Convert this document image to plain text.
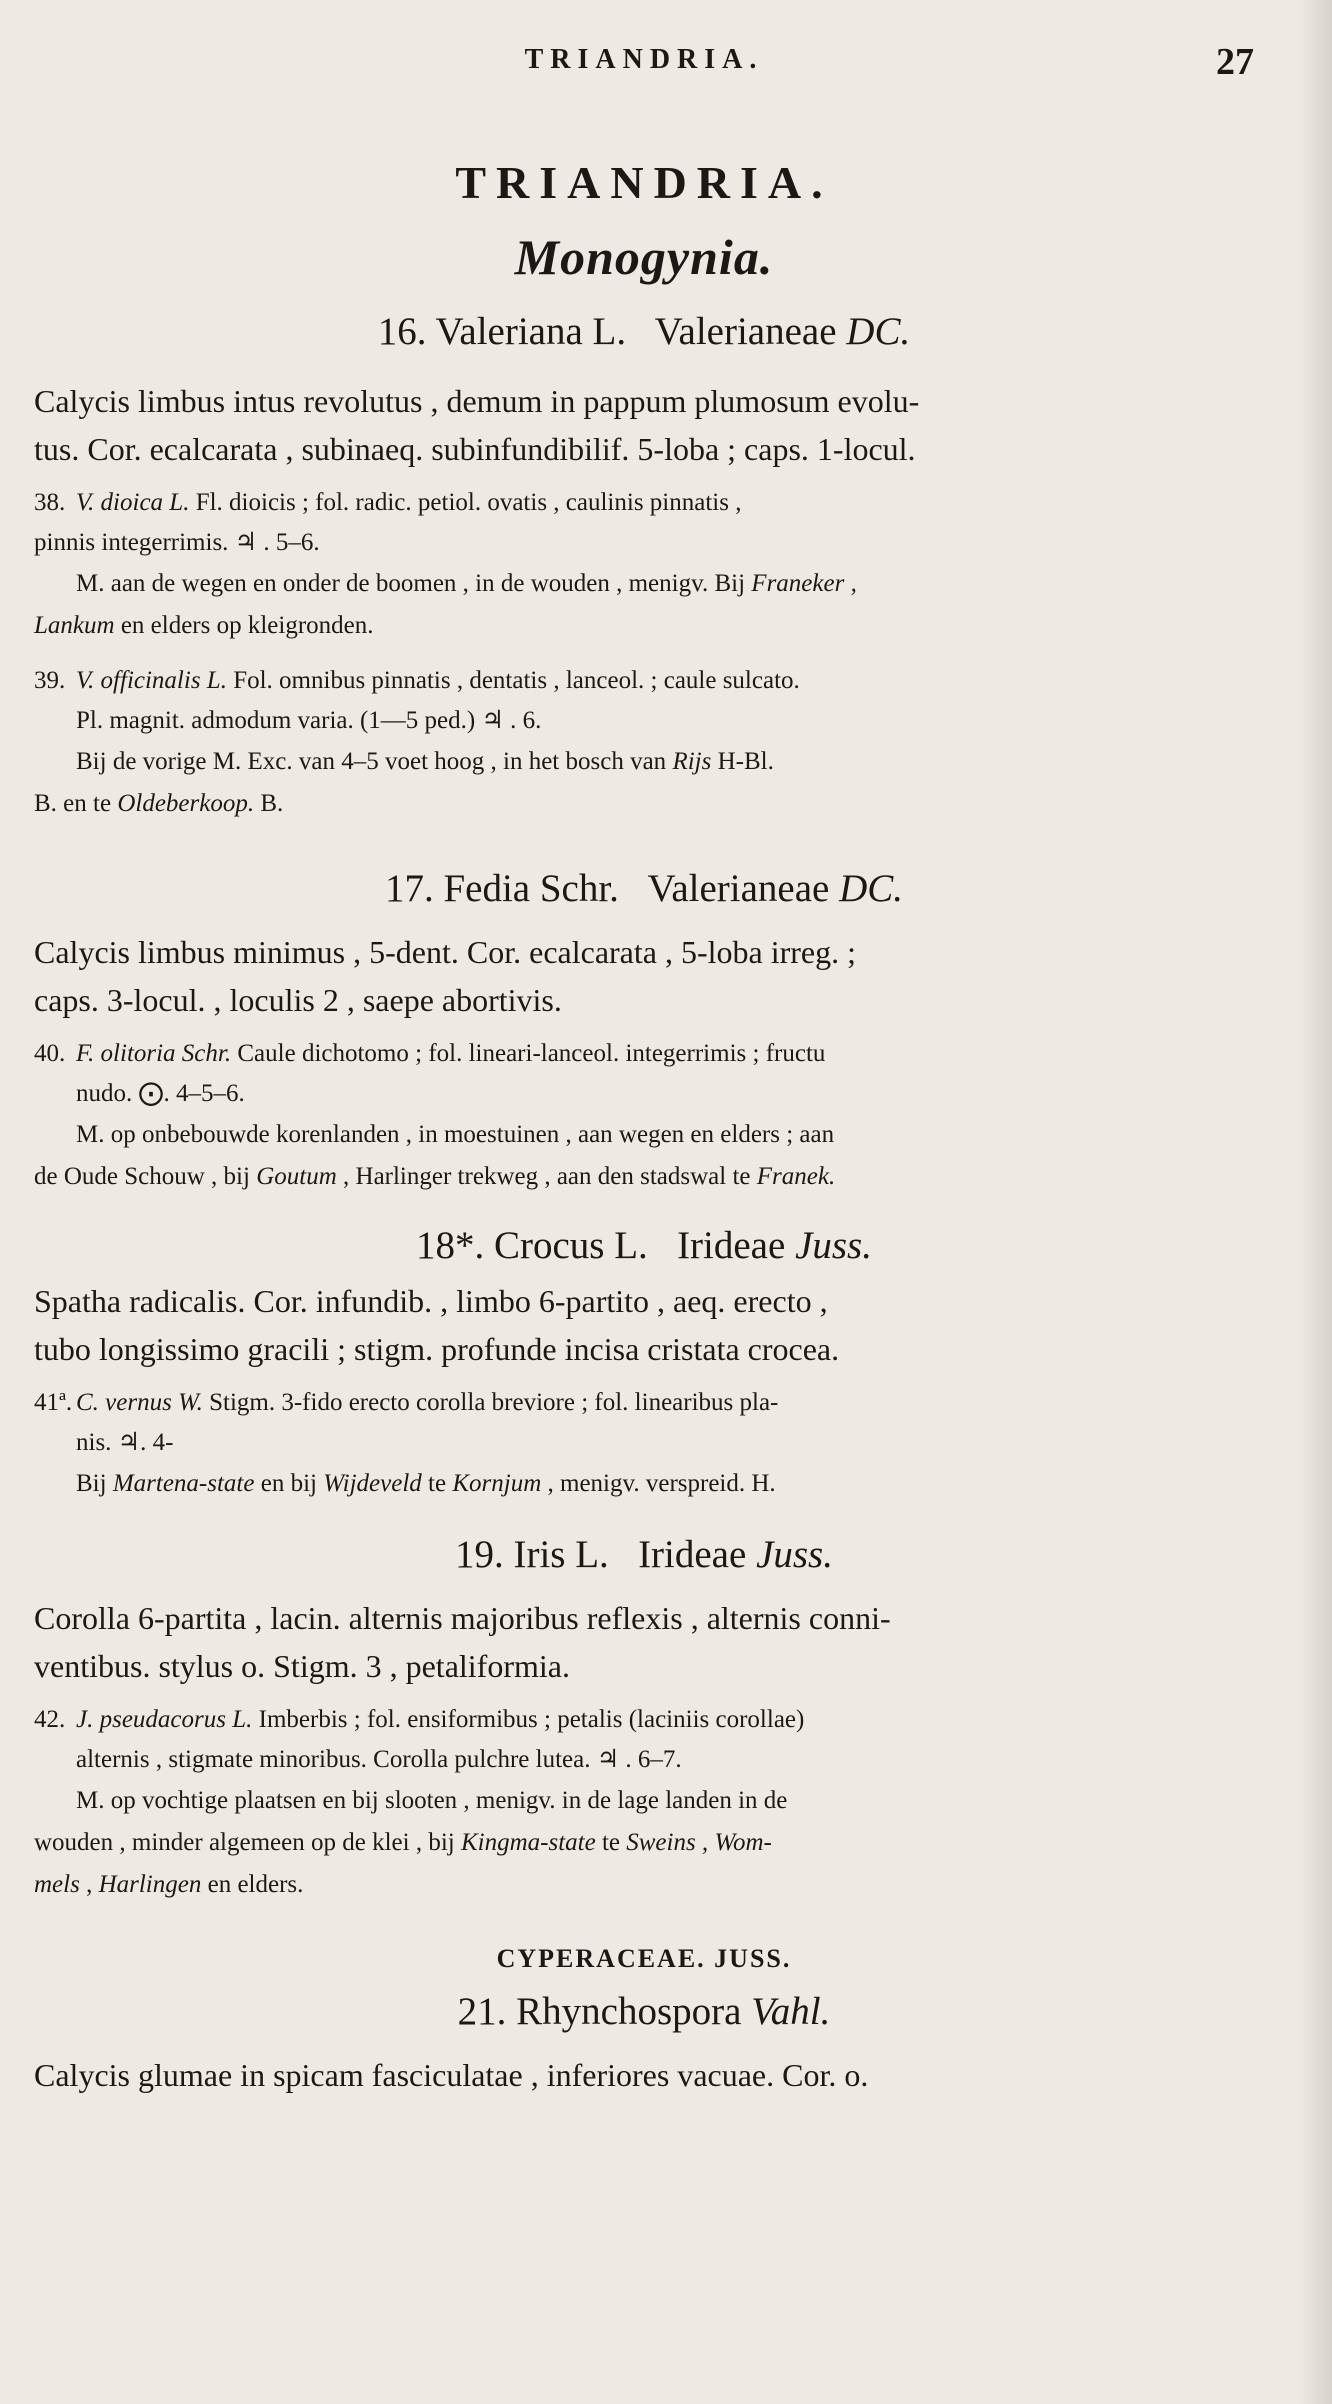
TRIANDRIA.	27
TRIANDRIA.
Monogynia.
16. Valeriana L. Valerianeae DC.
Calycis limbus intus revolutus , demum in pappum plumosum evolu-
tus. Cor. ecalcarata , subinaeq. subinfundibilif. 5-loba ; caps. 1-locul.
38. V. dioica L. Fl. dioicis ; fol. radic. petiol. ovatis , caulinis pinnatis ,
pinnis integerrimis. ♃ . 5–6.
M. aan de wegen en onder de boomen , in de wouden , menigv. Bij Franeker ,
Lankum en elders op kleigronden.
39. V. officinalis L. Fol. omnibus pinnatis , dentatis , lanceol. ; caule sulcato.
Pl. magnit. admodum varia. (1—5 ped.) ♃ . 6.
Bij de vorige M. Exc. van 4–5 voet hoog , in het bosch van Rijs H-Bl.
B. en te Oldeberkoop. B.
17. Fedia Schr. Valerianeae DC.
Calycis limbus minimus , 5-dent. Cor. ecalcarata , 5-loba irreg. ;
caps. 3-locul. , loculis 2 , saepe abortivis.
40. F. olitoria Schr. Caule dichotomo ; fol. lineari-lanceol. integerrimis ; fructu
nudo. ⨀. 4–5–6.
M. op onbebouwde korenlanden , in moestuinen , aan wegen en elders ; aan
de Oude Schouw , bij Goutum , Harlinger trekweg , aan den stadswal te Franek.
18*. Crocus L. Irideae Juss.
Spatha radicalis. Cor. infundib. , limbo 6-partito , aeq. erecto ,
tubo longissimo gracili ; stigm. profunde incisa cristata crocea.
41ª. C. vernus W. Stigm. 3-fido erecto corolla breviore ; fol. linearibus pla-
nis. ♃. 4-
Bij Martena-state en bij Wijdeveld te Kornjum , menigv. verspreid. H.
19. Iris L. Irideae Juss.
Corolla 6-partita , lacin. alternis majoribus reflexis , alternis conni-
ventibus. stylus o. Stigm. 3 , petaliformia.
42. J. pseudacorus L. Imberbis ; fol. ensiformibus ; petalis (laciniis corollae)
alternis , stigmate minoribus. Corolla pulchre lutea. ♃ . 6–7.
M. op vochtige plaatsen en bij slooten , menigv. in de lage landen in de
wouden , minder algemeen op de klei , bij Kingma-state te Sweins , Wom-
mels , Harlingen en elders.
CYPERACEAE. JUSS.
21. Rhynchospora Vahl.
Calycis glumae in spicam fasciculatae , inferiores vacuae. Cor. o.
